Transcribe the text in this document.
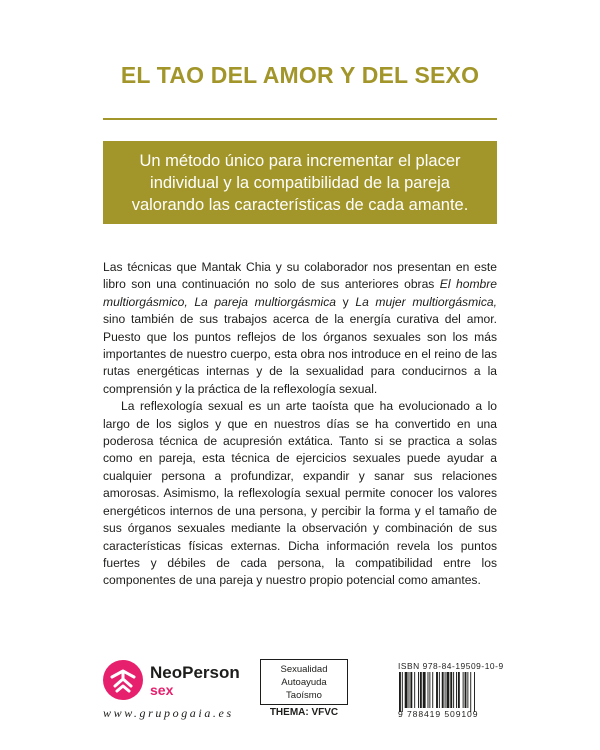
EL TAO DEL AMOR Y DEL SEXO
Un método único para incrementar el placer
individual y la compatibilidad de la pareja
valorando las características de cada amante.

Las técnicas que Mantak Chia y su colaborador nos presentan en este libro son una continuación no solo de sus anteriores obras El hombre multiorgásmico, La pareja multiorgásmica y La mujer multiorgásmica, sino también de sus trabajos acerca de la energía curativa del amor. Puesto que los puntos reflejos de los órganos sexuales son los más importantes de nuestro cuerpo, esta obra nos introduce en el reino de las rutas energéticas internas y de la sexualidad para conducirnos a la comprensión y la práctica de la reflexología sexual.

La reflexología sexual es un arte taoísta que ha evolucionado a lo largo de los siglos y que en nuestros días se ha convertido en una poderosa técnica de acupresión extática. Tanto si se practica a solas como en pareja, esta técnica de ejercicios sexuales puede ayudar a cualquier persona a profundizar, expandir y sanar sus relaciones amorosas. Asimismo, la reflexología sexual permite conocer los valores energéticos internos de una persona, y percibir la forma y el tamaño de sus órganos sexuales mediante la observación y combinación de sus características físicas externas. Dicha información revela los puntos fuertes y débiles de cada persona, la compatibilidad entre los componentes de una pareja y nuestro propio potencial como amantes.

NeoPerson
sex
www.grupogaia.es
Sexualidad
Autoayuda
Taoísmo
THEMA: VFVC
ISBN 978-84-19509-10-9
9 788419 509109
